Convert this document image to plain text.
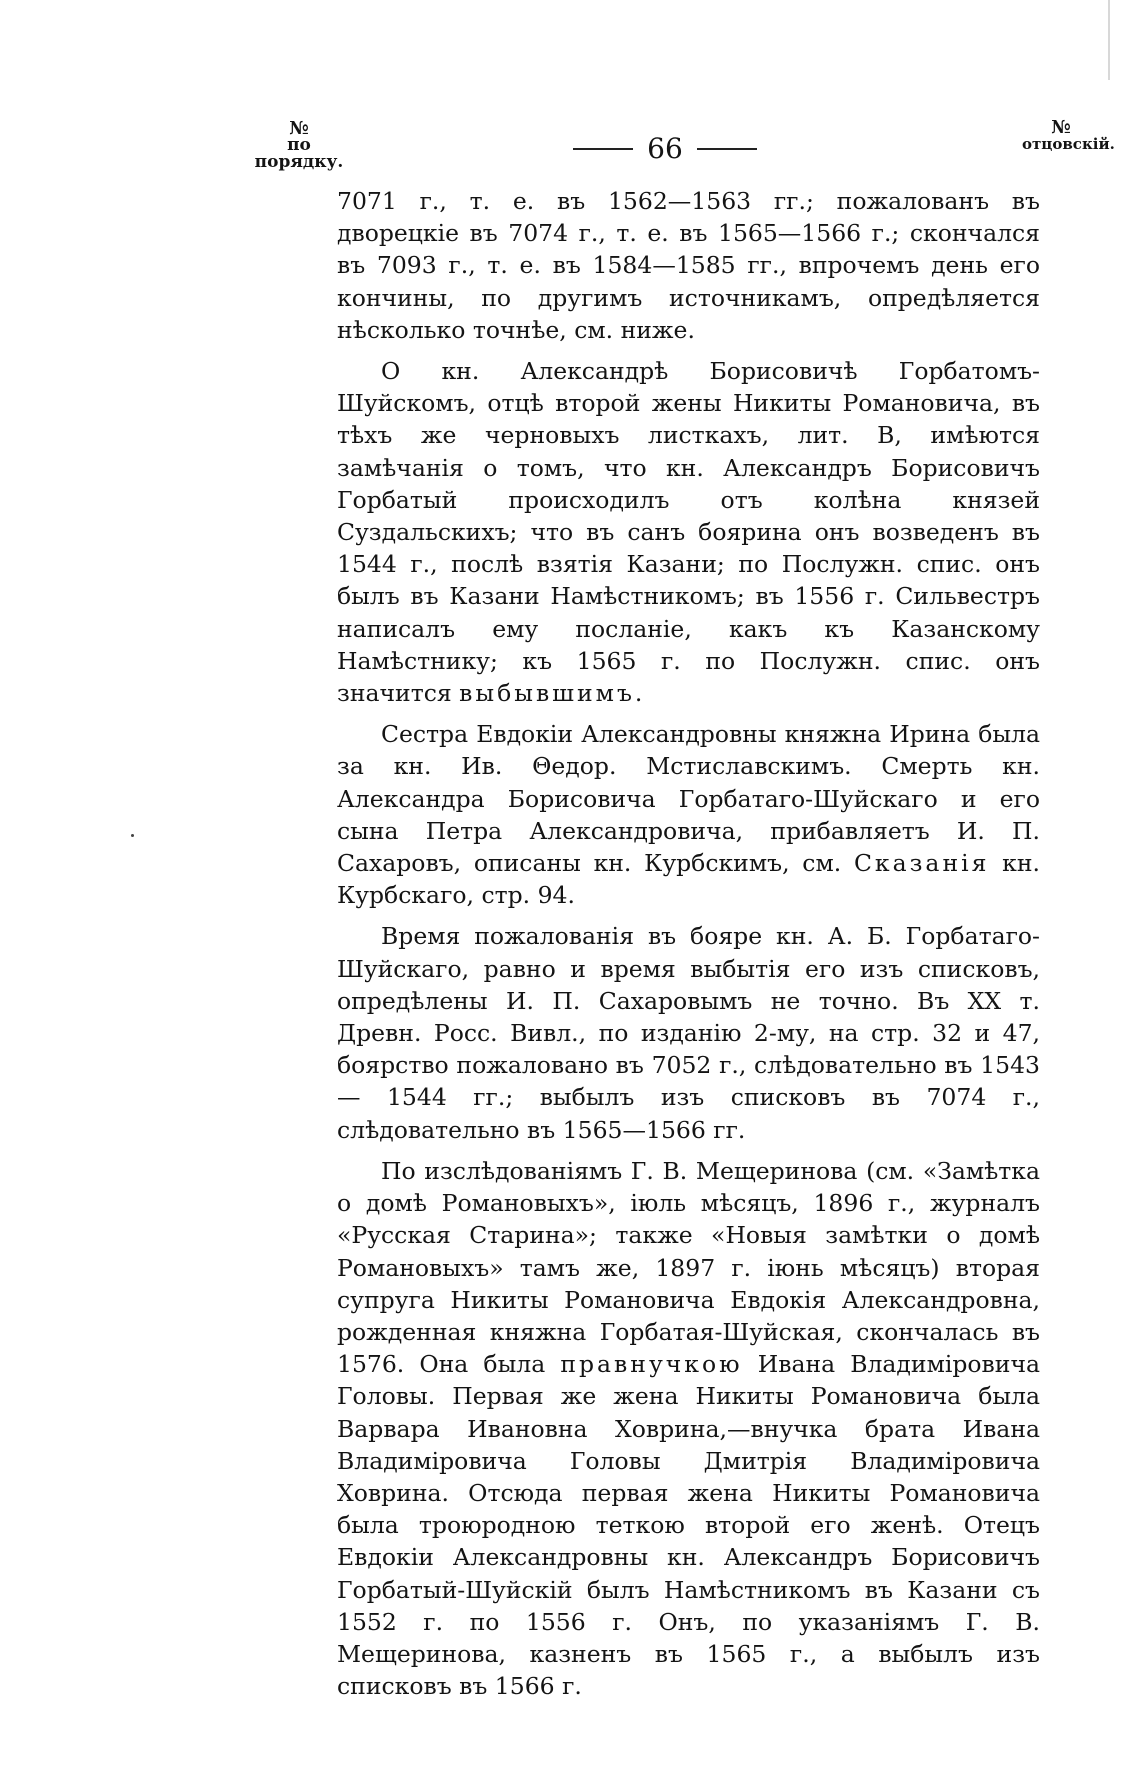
№
по порядку.	66
№
отцовскій.

7071 г., т. е. въ 1562—1563 гг.; пожалованъ въ дворецкіе въ 7074 г., т. е. въ 1565—1566 г.; скончался въ 7093 г., т. е. въ 1584—1585 гг., впрочемъ день его кончины, по другимъ источникамъ, опредѣляется нѣсколько точнѣе, см. ниже.

О кн. Александрѣ Борисовичѣ Горбатомъ-Шуйскомъ, отцѣ второй жены Никиты Романовича, въ тѣхъ же черновыхъ листкахъ, лит. В, имѣются замѣчанія о томъ, что кн. Александръ Борисовичъ Горбатый происходилъ отъ колѣна князей Суздальскихъ; что въ санъ боярина онъ возведенъ въ 1544 г., послѣ взятія Казани; по Послужн. спис. онъ былъ въ Казани Намѣстникомъ; въ 1556 г. Сильвестръ написалъ ему посланіе, какъ къ Казанскому Намѣстнику; къ 1565 г. по Послужн. спис. онъ значится выбывшимъ.

Сестра Евдокіи Александровны княжна Ирина была за кн. Ив. Θедор. Мстиславскимъ. Смерть кн. Александра Борисовича Горбатаго-Шуйскаго и его сына Петра Александровича, прибавляетъ И. П. Сахаровъ, описаны кн. Курбскимъ, см. Сказанія кн. Курбскаго, стр. 94.

Время пожалованія въ бояре кн. А. Б. Горбатаго-Шуйскаго, равно и время выбытія его изъ списковъ, опредѣлены И. П. Сахаровымъ не точно. Въ XX т. Древн. Росс. Вивл., по изданію 2-му, на стр. 32 и 47, боярство пожаловано въ 7052 г., слѣдовательно въ 1543 — 1544 гг.; выбылъ изъ списковъ въ 7074 г., слѣдовательно въ 1565—1566 гг.

По изслѣдованіямъ Г. В. Мещеринова (см. «Замѣтка о домѣ Романовыхъ», іюль мѣсяцъ, 1896 г., журналъ «Русская Старина»; также «Новыя замѣтки о домѣ Романовыхъ» тамъ же, 1897 г. іюнь мѣсяцъ) вторая супруга Никиты Романовича Евдокія Александровна, рожденная княжна Горбатая-Шуйская, скончалась въ 1576. Она была правнучкою Ивана Владиміровича Головы. Первая же жена Никиты Романовича была Варвара Ивановна Ховрина,—внучка брата Ивана Владиміровича Головы Дмитрія Владиміровича Ховрина. Отсюда первая жена Никиты Романовича была троюродною теткою второй его женѣ. Отецъ Евдокіи Александровны кн. Александръ Борисовичъ Горбатый-Шуйскій былъ Намѣстникомъ въ Казани съ 1552 г. по 1556 г. Онъ, по указаніямъ Г. В. Мещеринова, казненъ въ 1565 г., а выбылъ изъ списковъ въ 1566 г.
